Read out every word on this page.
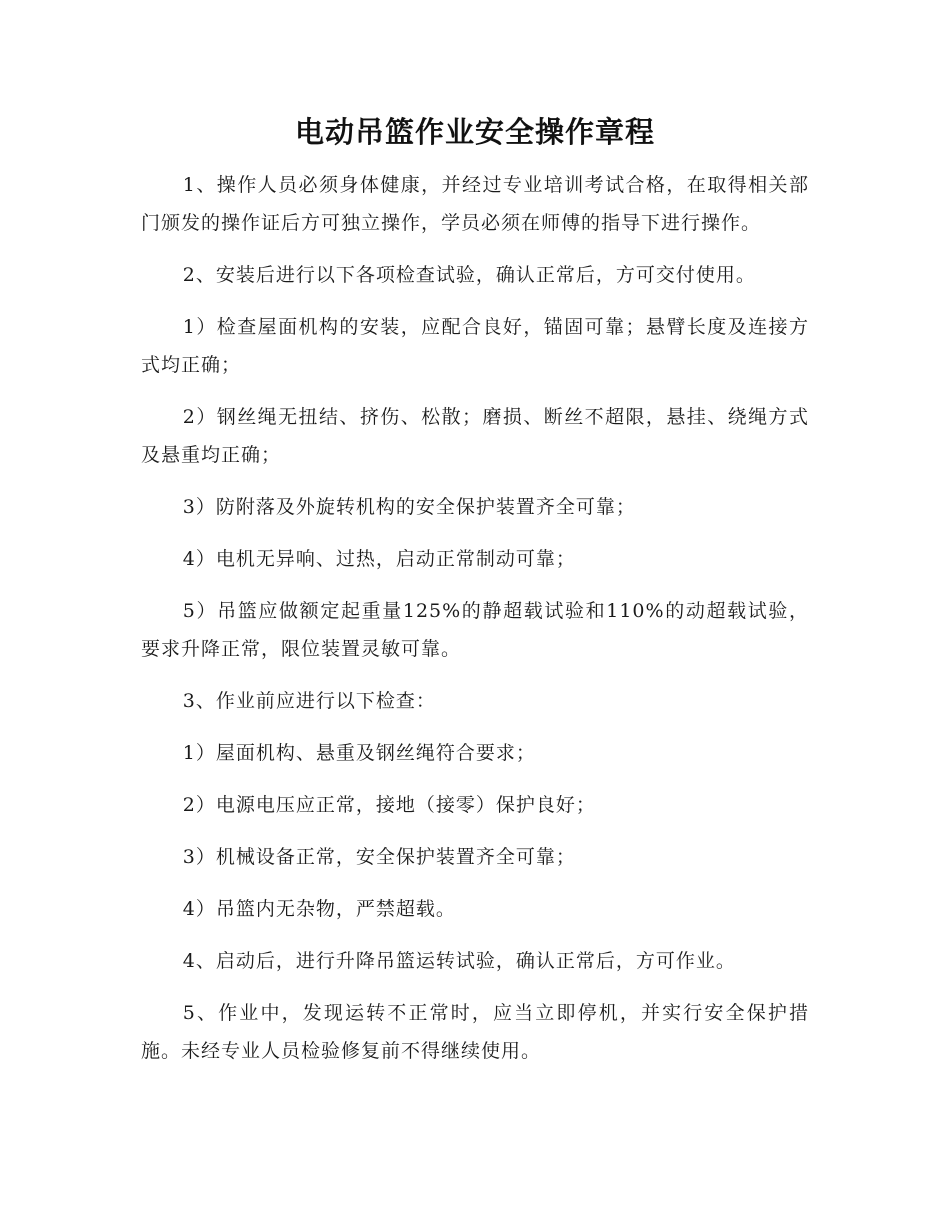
电动吊篮作业安全操作章程

1、操作人员必须身体健康，并经过专业培训考试合格，在取得相关部门颁发的操作证后方可独立操作，学员必须在师傅的指导下进行操作。

2、安装后进行以下各项检查试验，确认正常后，方可交付使用。

1）检查屋面机构的安装，应配合良好，锚固可靠；悬臂长度及连接方式均正确；

2）钢丝绳无扭结、挤伤、松散；磨损、断丝不超限，悬挂、绕绳方式及悬重均正确；

3）防附落及外旋转机构的安全保护装置齐全可靠；

4）电机无异响、过热，启动正常制动可靠；

5）吊篮应做额定起重量125%的静超载试验和110%的动超载试验，要求升降正常，限位装置灵敏可靠。

3、作业前应进行以下检查：

1）屋面机构、悬重及钢丝绳符合要求；

2）电源电压应正常，接地（接零）保护良好；

3）机械设备正常，安全保护装置齐全可靠；

4）吊篮内无杂物，严禁超载。

4、启动后，进行升降吊篮运转试验，确认正常后，方可作业。

5、作业中，发现运转不正常时，应当立即停机，并实行安全保护措施。未经专业人员检验修复前不得继续使用。
